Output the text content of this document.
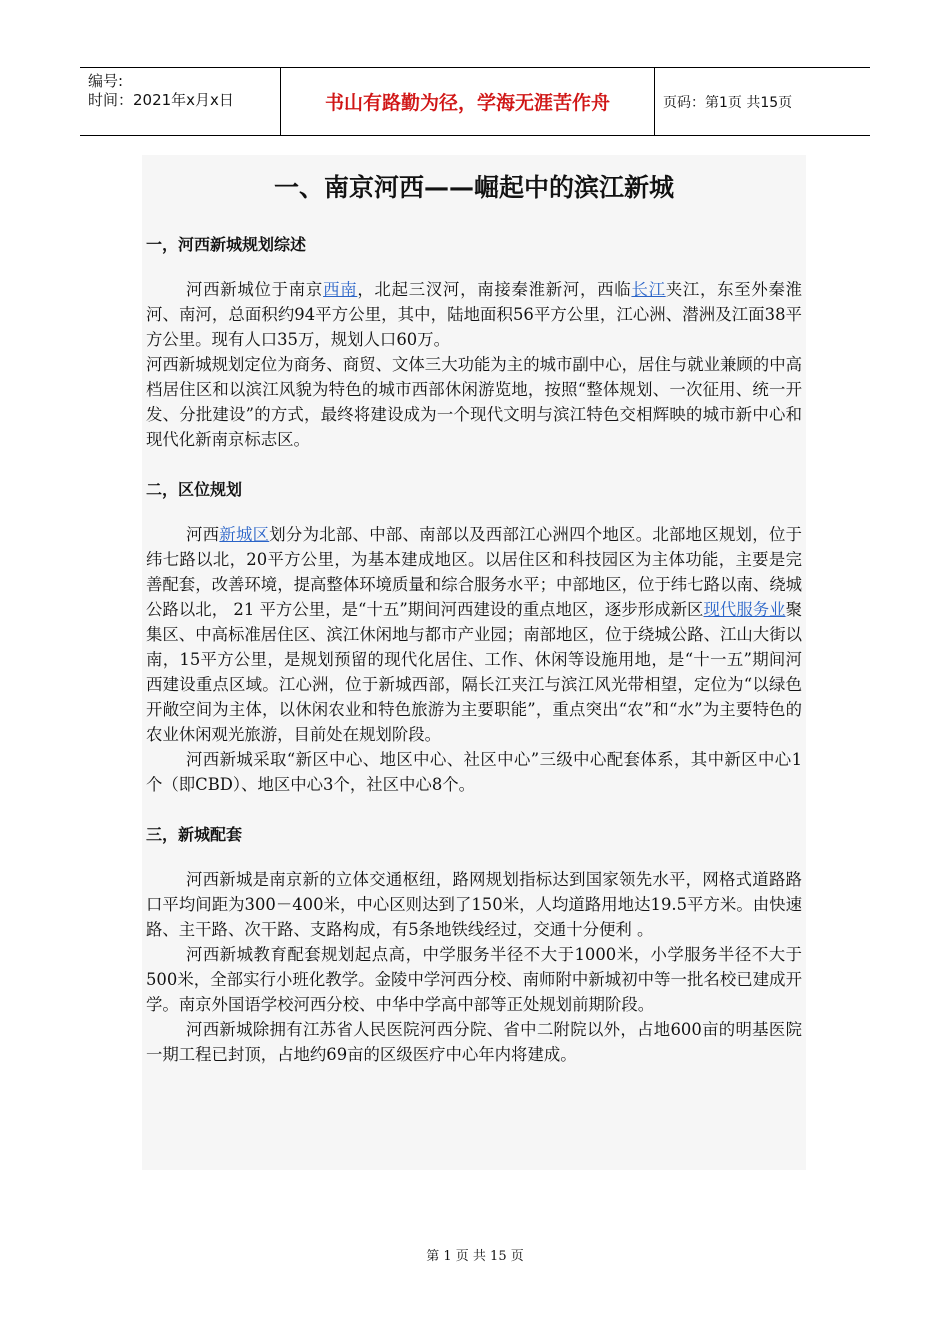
编号:
时间：2021年x月x日	书山有路勤为径，学海无涯苦作舟	页码：第1页 共15页
一、南京河西——崛起中的滨江新城
一，河西新城规划综述

河西新城位于南京西南，北起三汊河，南接秦淮新河，西临长江夹江，东至外秦淮河、南河，总面积约94平方公里，其中，陆地面积56平方公里，江心洲、潜洲及江面38平方公里。现有人口35万，规划人口60万。

河西新城规划定位为商务、商贸、文体三大功能为主的城市副中心，居住与就业兼顾的中高档居住区和以滨江风貌为特色的城市西部休闲游览地，按照“整体规划、一次征用、统一开发、分批建设”的方式，最终将建设成为一个现代文明与滨江特色交相辉映的城市新中心和现代化新南京标志区。

二，区位规划

河西新城区划分为北部、中部、南部以及西部江心洲四个地区。北部地区规划，位于纬七路以北，20平方公里，为基本建成地区。以居住区和科技园区为主体功能，主要是完善配套，改善环境，提高整体环境质量和综合服务水平；中部地区，位于纬七路以南、绕城公路以北， 21 平方公里，是“十五”期间河西建设的重点地区，逐步形成新区现代服务业聚集区、中高标准居住区、滨江休闲地与都市产业园；南部地区，位于绕城公路、江山大街以南，15平方公里，是规划预留的现代化居住、工作、休闲等设施用地，是“十一五”期间河西建设重点区域。江心洲，位于新城西部，隔长江夹江与滨江风光带相望，定位为“以绿色开敞空间为主体，以休闲农业和特色旅游为主要职能”，重点突出“农”和“水”为主要特色的农业休闲观光旅游，目前处在规划阶段。

河西新城采取“新区中心、地区中心、社区中心”三级中心配套体系，其中新区中心1个（即CBD）、地区中心3个，社区中心8个。

三，新城配套

河西新城是南京新的立体交通枢纽，路网规划指标达到国家领先水平，网格式道路路口平均间距为300－400米，中心区则达到了150米，人均道路用地达19.5平方米。由快速路、主干路、次干路、支路构成，有5条地铁线经过，交通十分便利 。

河西新城教育配套规划起点高，中学服务半径不大于1000米，小学服务半径不大于500米，全部实行小班化教学。金陵中学河西分校、南师附中新城初中等一批名校已建成开学。南京外国语学校河西分校、中华中学高中部等正处规划前期阶段。

河西新城除拥有江苏省人民医院河西分院、省中二附院以外，占地600亩的明基医院一期工程已封顶，占地约69亩的区级医疗中心年内将建成。

第 1 页 共 15 页
